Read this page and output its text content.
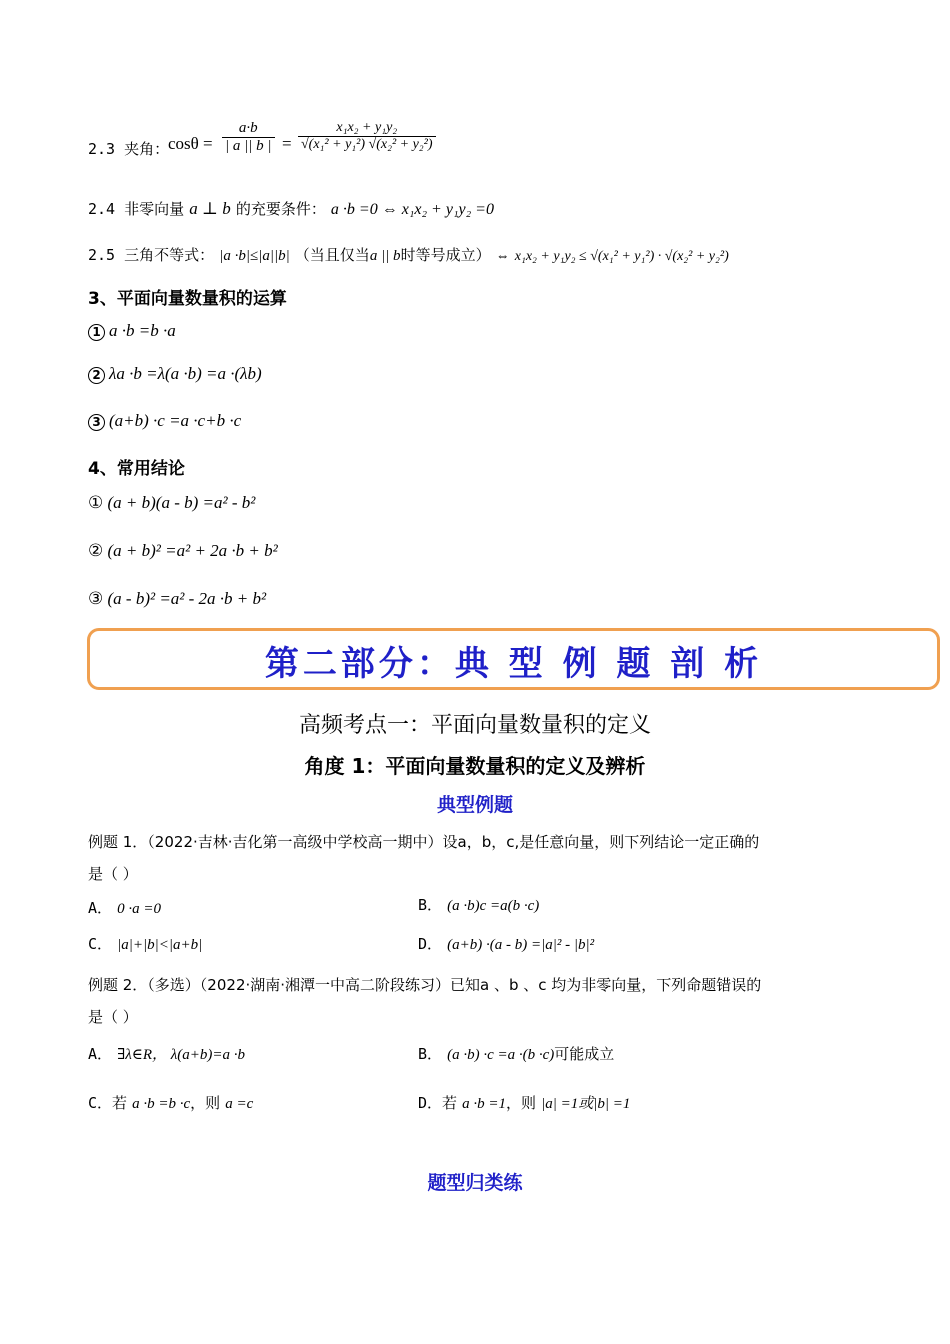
2.3 夹角：
$\cos\theta = \frac{a\cdot b}{| a || b |} = \frac{\text{x₁x₂ + y₁y₂}}{\text{√(x₁² + y₁²) √(x₂² + y₂²)}}$
2.4 非零向量 a ⊥ b 的充要条件： a ·b =0 ⇔ x₁x₂ + y₁y₂ =0
2.5 三角不等式： |a ·b|≤|a||b| （当且仅当a || b时等号成立） ⇔ x₁x₂ + y₁y₂ ≤ √(x₁² + y₁²) · √(x₂² + y₂²)
3、平面向量数量积的运算
1 a ·b =b ·a
2 λa ·b =λ(a ·b) =a ·(λb)
3 (a+b) ·c =a ·c+b ·c
4、常用结论
① (a + b)(a - b) =a² - b²
② (a + b)² =a² + 2a ·b + b²
③ (a - b)² =a² - 2a ·b + b²
第二部分：典 型 例 题 剖 析
高频考点一：平面向量数量积的定义
角度 1：平面向量数量积的定义及辨析
典型例题
例题 1．（2022·吉林·吉化第一高级中学校高一期中）设a，b，c,是任意向量，则下列结论一定正确的
是（ ）
A． 0 ·a =0	B． (a ·b)c =a(b ·c)
C． |a|+|b|<|a+b|	D． (a+b) ·(a - b) =|a|² - |b|²
例题 2．（多选）（2022·湖南·湘潭一中高二阶段练习）已知a 、b 、c 均为非零向量，下列命题错误的
是（ ）
A． ∃λ∈R， λ(a+b)=a ·b	B． (a ·b) ·c =a ·(b ·c)可能成立
C．若 a ·b =b ·c，则 a =c	D．若 a ·b =1，则 |a| =1或|b| =1
题型归类练
